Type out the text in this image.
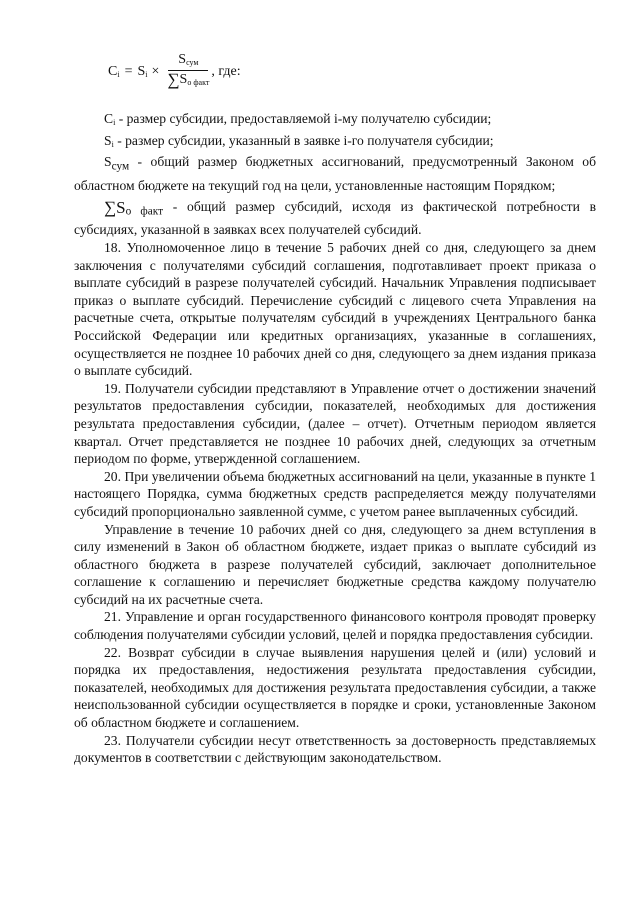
$C_i = S_i \times \frac{S_{сум}}{\sum S_{о факт}}$ , где:

$C_i$ - размер субсидии, предоставляемой i-му получателю субсидии;

$S_i$ - размер субсидии, указанный в заявке i-го получателя субсидии;

$S_{сум}$ - общий размер бюджетных ассигнований, предусмотренный Законом об областном бюджете на текущий год на цели, установленные настоящим Порядком;

$\sum S_{о факт}$ - общий размер субсидий, исходя из фактической потребности в субсидиях, указанной в заявках всех получателей субсидий.

18. Уполномоченное лицо в течение 5 рабочих дней со дня, следующего за днем заключения с получателями субсидий соглашения, подготавливает проект приказа о выплате субсидий в разрезе получателей субсидий. Начальник Управления подписывает приказ о выплате субсидий. Перечисление субсидий с лицевого счета Управления на расчетные счета, открытые получателям субсидий в учреждениях Центрального банка Российской Федерации или кредитных организациях, указанные в соглашениях, осуществляется не позднее 10 рабочих дней со дня, следующего за днем издания приказа о выплате субсидий.

19. Получатели субсидии представляют в Управление отчет о достижении значений результатов предоставления субсидии, показателей, необходимых для достижения результата предоставления субсидии, (далее – отчет). Отчетным периодом является квартал. Отчет представляется не позднее 10 рабочих дней, следующих за отчетным периодом по форме, утвержденной соглашением.

20. При увеличении объема бюджетных ассигнований на цели, указанные в пункте 1 настоящего Порядка, сумма бюджетных средств распределяется между получателями субсидий пропорционально заявленной сумме, с учетом ранее выплаченных субсидий.

Управление в течение 10 рабочих дней со дня, следующего за днем вступления в силу изменений в Закон об областном бюджете, издает приказ о выплате субсидий из областного бюджета в разрезе получателей субсидий, заключает дополнительное соглашение к соглашению и перечисляет бюджетные средства каждому получателю субсидий на их расчетные счета.

21. Управление и орган государственного финансового контроля проводят проверку соблюдения получателями субсидии условий, целей и порядка предоставления субсидии.

22. Возврат субсидии в случае выявления нарушения целей и (или) условий и порядка их предоставления, недостижения результата предоставления субсидии, показателей, необходимых для достижения результата предоставления субсидии, а также неиспользованной субсидии осуществляется в порядке и сроки, установленные Законом об областном бюджете и соглашением.

23. Получатели субсидии несут ответственность за достоверность представляемых документов в соответствии с действующим законодательством.
